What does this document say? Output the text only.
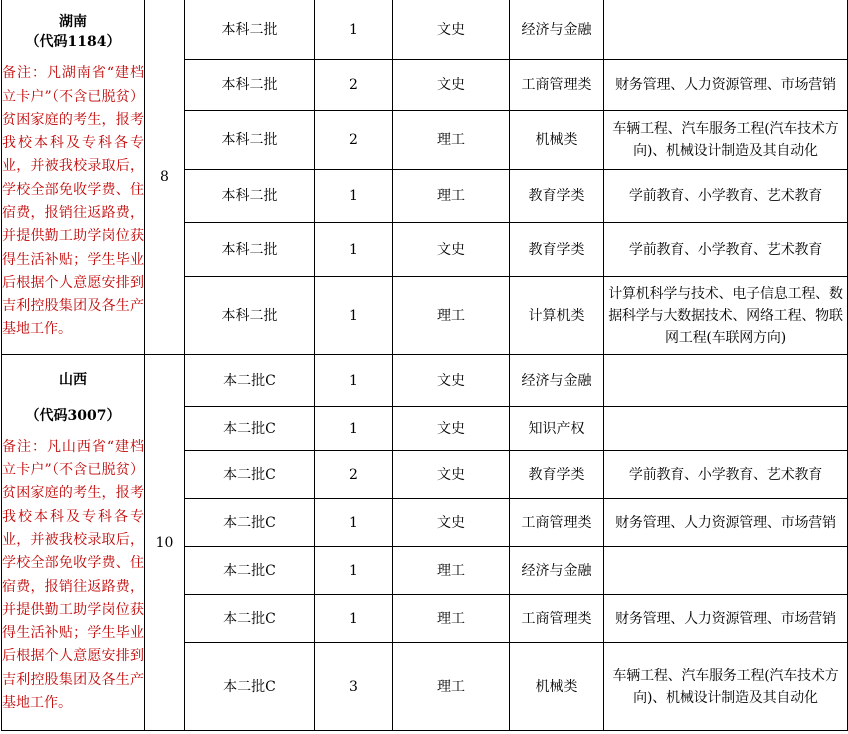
湖南
（代码1184）
备注：凡湖南省“建档立卡户”（不含已脱贫）贫困家庭的考生，报考我校本科及专科各专业，并被我校录取后，学校全部免收学费、住宿费，报销往返路费，并提供勤工助学岗位获得生活补贴；学生毕业后根据个人意愿安排到吉利控股集团及各生产基地工作。	8	本科二批	1	文史	经济与金融	
		本科二批	2	文史	工商管理类	财务管理、人力资源管理、市场营销
		本科二批	2	理工	机械类	车辆工程、汽车服务工程(汽车技术方向)、机械设计制造及其自动化
		本科二批	1	理工	教育学类	学前教育、小学教育、艺术教育
		本科二批	1	文史	教育学类	学前教育、小学教育、艺术教育
		本科二批	1	理工	计算机类	计算机科学与技术、电子信息工程、数据科学与大数据技术、网络工程、物联网工程(车联网方向)

山西
（代码3007）
备注：凡山西省“建档立卡户”（不含已脱贫）贫困家庭的考生，报考我校本科及专科各专业，并被我校录取后，学校全部免收学费、住宿费，报销往返路费，并提供勤工助学岗位获得生活补贴；学生毕业后根据个人意愿安排到吉利控股集团及各生产基地工作。	10	本二批C	1	文史	经济与金融	
		本二批C	1	文史	知识产权	
		本二批C	2	文史	教育学类	学前教育、小学教育、艺术教育
		本二批C	1	文史	工商管理类	财务管理、人力资源管理、市场营销
		本二批C	1	理工	经济与金融	
		本二批C	1	理工	工商管理类	财务管理、人力资源管理、市场营销
		本二批C	3	理工	机械类	车辆工程、汽车服务工程(汽车技术方向)、机械设计制造及其自动化
